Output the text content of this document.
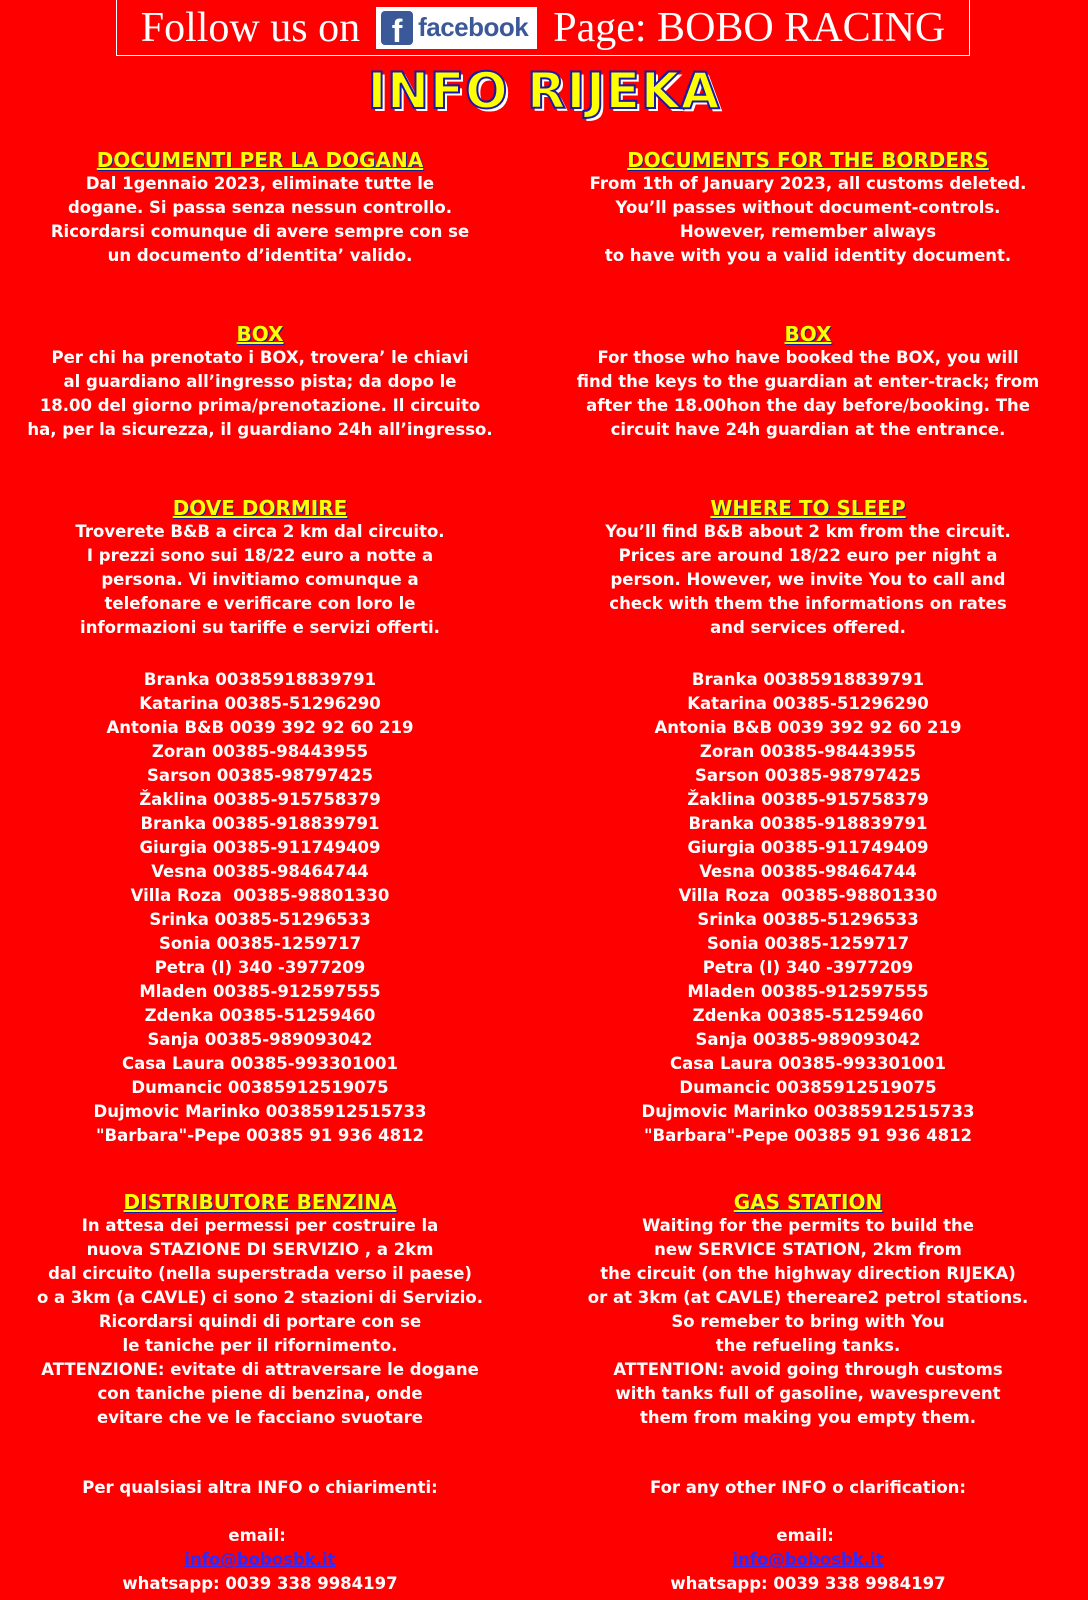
Follow us on f facebook Page: BOBO RACING
INFO RIJEKA

DOCUMENTI PER LA DOGANA

Dal 1gennaio 2023, eliminate tutte le
dogane. Si passa senza nessun controllo.
Ricordarsi comunque di avere sempre con se
un documento d’identita’ valido.

BOX

Per chi ha prenotato i BOX, trovera’ le chiavi
al guardiano all’ingresso pista; da dopo le
18.00 del giorno prima/prenotazione. Il circuito
ha, per la sicurezza, il guardiano 24h all’ingresso.

DOVE DORMIRE

Troverete B&B a circa 2 km dal circuito.
I prezzi sono sui 18/22 euro a notte a
persona. Vi invitiamo comunque a
telefonare e verificare con loro le
informazioni su tariffe e servizi offerti.

Branka 00385918839791
Katarina 00385-51296290
Antonia B&B 0039 392 92 60 219
Zoran 00385-98443955
Sarson 00385-98797425
Žaklina 00385-915758379
Branka 00385-918839791
Giurgia 00385-911749409
Vesna 00385-98464744
Villa Roza  00385-98801330
Srinka 00385-51296533
Sonia 00385-1259717
Petra (I) 340 -3977209
Mladen 00385-912597555
Zdenka 00385-51259460
Sanja 00385-989093042
Casa Laura 00385-993301001
Dumancic 00385912519075
Dujmovic Marinko 00385912515733
"Barbara"-Pepe 00385 91 936 4812

DISTRIBUTORE BENZINA

In attesa dei permessi per costruire la
nuova STAZIONE DI SERVIZIO , a 2km
dal circuito (nella superstrada verso il paese)
o a 3km (a CAVLE) ci sono 2 stazioni di Servizio.
Ricordarsi quindi di portare con se
le taniche per il rifornimento.
ATTENZIONE: evitate di attraversare le dogane
con taniche piene di benzina, onde
evitare che ve le facciano svuotare

Per qualsiasi altra INFO o chiarimenti:

email:
info@bobosbk.it

whatsapp: 0039 338 9984197

DOCUMENTS FOR THE BORDERS

From 1th of January 2023, all customs deleted.
You’ll passes without document-controls.
However, remember always
to have with you a valid identity document.

BOX

For those who have booked the BOX, you will
find the keys to the guardian at enter-track; from
after the 18.00hon the day before/booking. The
circuit have 24h guardian at the entrance.

WHERE TO SLEEP

You’ll find B&B about 2 km from the circuit.
Prices are around 18/22 euro per night a
person. However, we invite You to call and
check with them the informations on rates
and services offered.

Branka 00385918839791
Katarina 00385-51296290
Antonia B&B 0039 392 92 60 219
Zoran 00385-98443955
Sarson 00385-98797425
Žaklina 00385-915758379
Branka 00385-918839791
Giurgia 00385-911749409
Vesna 00385-98464744
Villa Roza  00385-98801330
Srinka 00385-51296533
Sonia 00385-1259717
Petra (I) 340 -3977209
Mladen 00385-912597555
Zdenka 00385-51259460
Sanja 00385-989093042
Casa Laura 00385-993301001
Dumancic 00385912519075
Dujmovic Marinko 00385912515733
"Barbara"-Pepe 00385 91 936 4812

GAS STATION

Waiting for the permits to build the
new SERVICE STATION, 2km from
the circuit (on the highway direction RIJEKA)
or at 3km (at CAVLE) thereare2 petrol stations.
So remeber to bring with You
the refueling tanks.
ATTENTION: avoid going through customs
with tanks full of gasoline, wavesprevent
them from making you empty them.

For any other INFO o clarification:

email:
info@bobosbk.it

whatsapp: 0039 338 9984197
